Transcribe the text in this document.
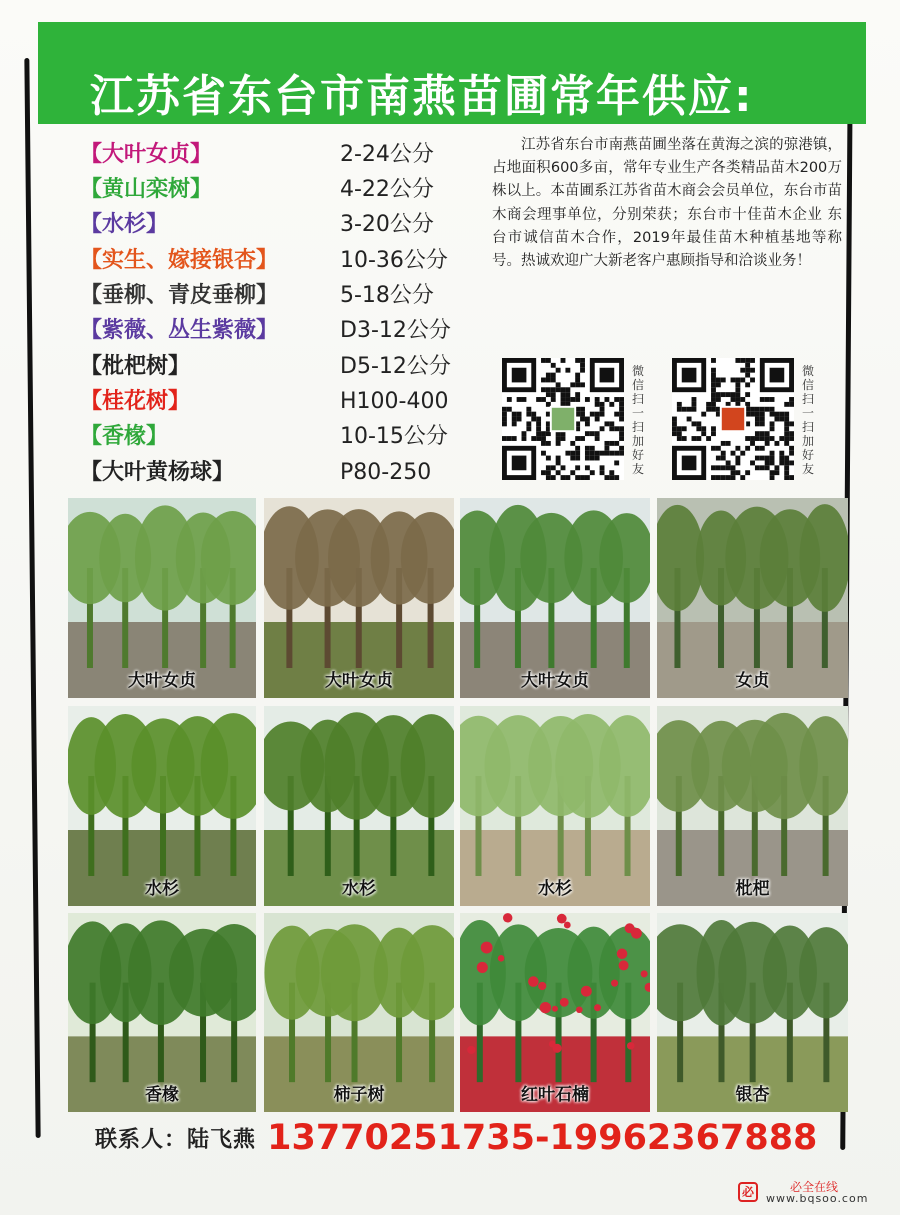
江苏省东台市南燕苗圃常年供应:
【大叶女贞】	2-24公分
【黄山栾树】	4-22公分
【水杉】	3-20公分
【实生、嫁接银杏】	10-36公分
【垂柳、青皮垂柳】	5-18公分
【紫薇、丛生紫薇】	D3-12公分
【枇杷树】	D5-12公分
【桂花树】	H100-400
【香椽】	10-15公分
【大叶黄杨球】	P80-250
江苏省东台市南燕苗圃坐落在黄海之滨的弶港镇，占地面积600多亩，常年专业生产各类精品苗木200万株以上。本苗圃系江苏省苗木商会会员单位，东台市苗木商会理事单位，分别荣获；东台市十佳苗木企业 东台市诚信苗木合作，2019年最佳苗木种植基地等称号。热诚欢迎广大新老客户惠顾指导和洽谈业务！
微信扫一扫加好友
微信扫一扫加好友
大叶女贞	大叶女贞	大叶女贞	女贞
水杉	水杉	水杉	枇杷
香椽	柿子树	红叶石楠	银杏
联系人：陆飞燕 13770251735-19962367888
必	必全在线
www.bqsoo.com
